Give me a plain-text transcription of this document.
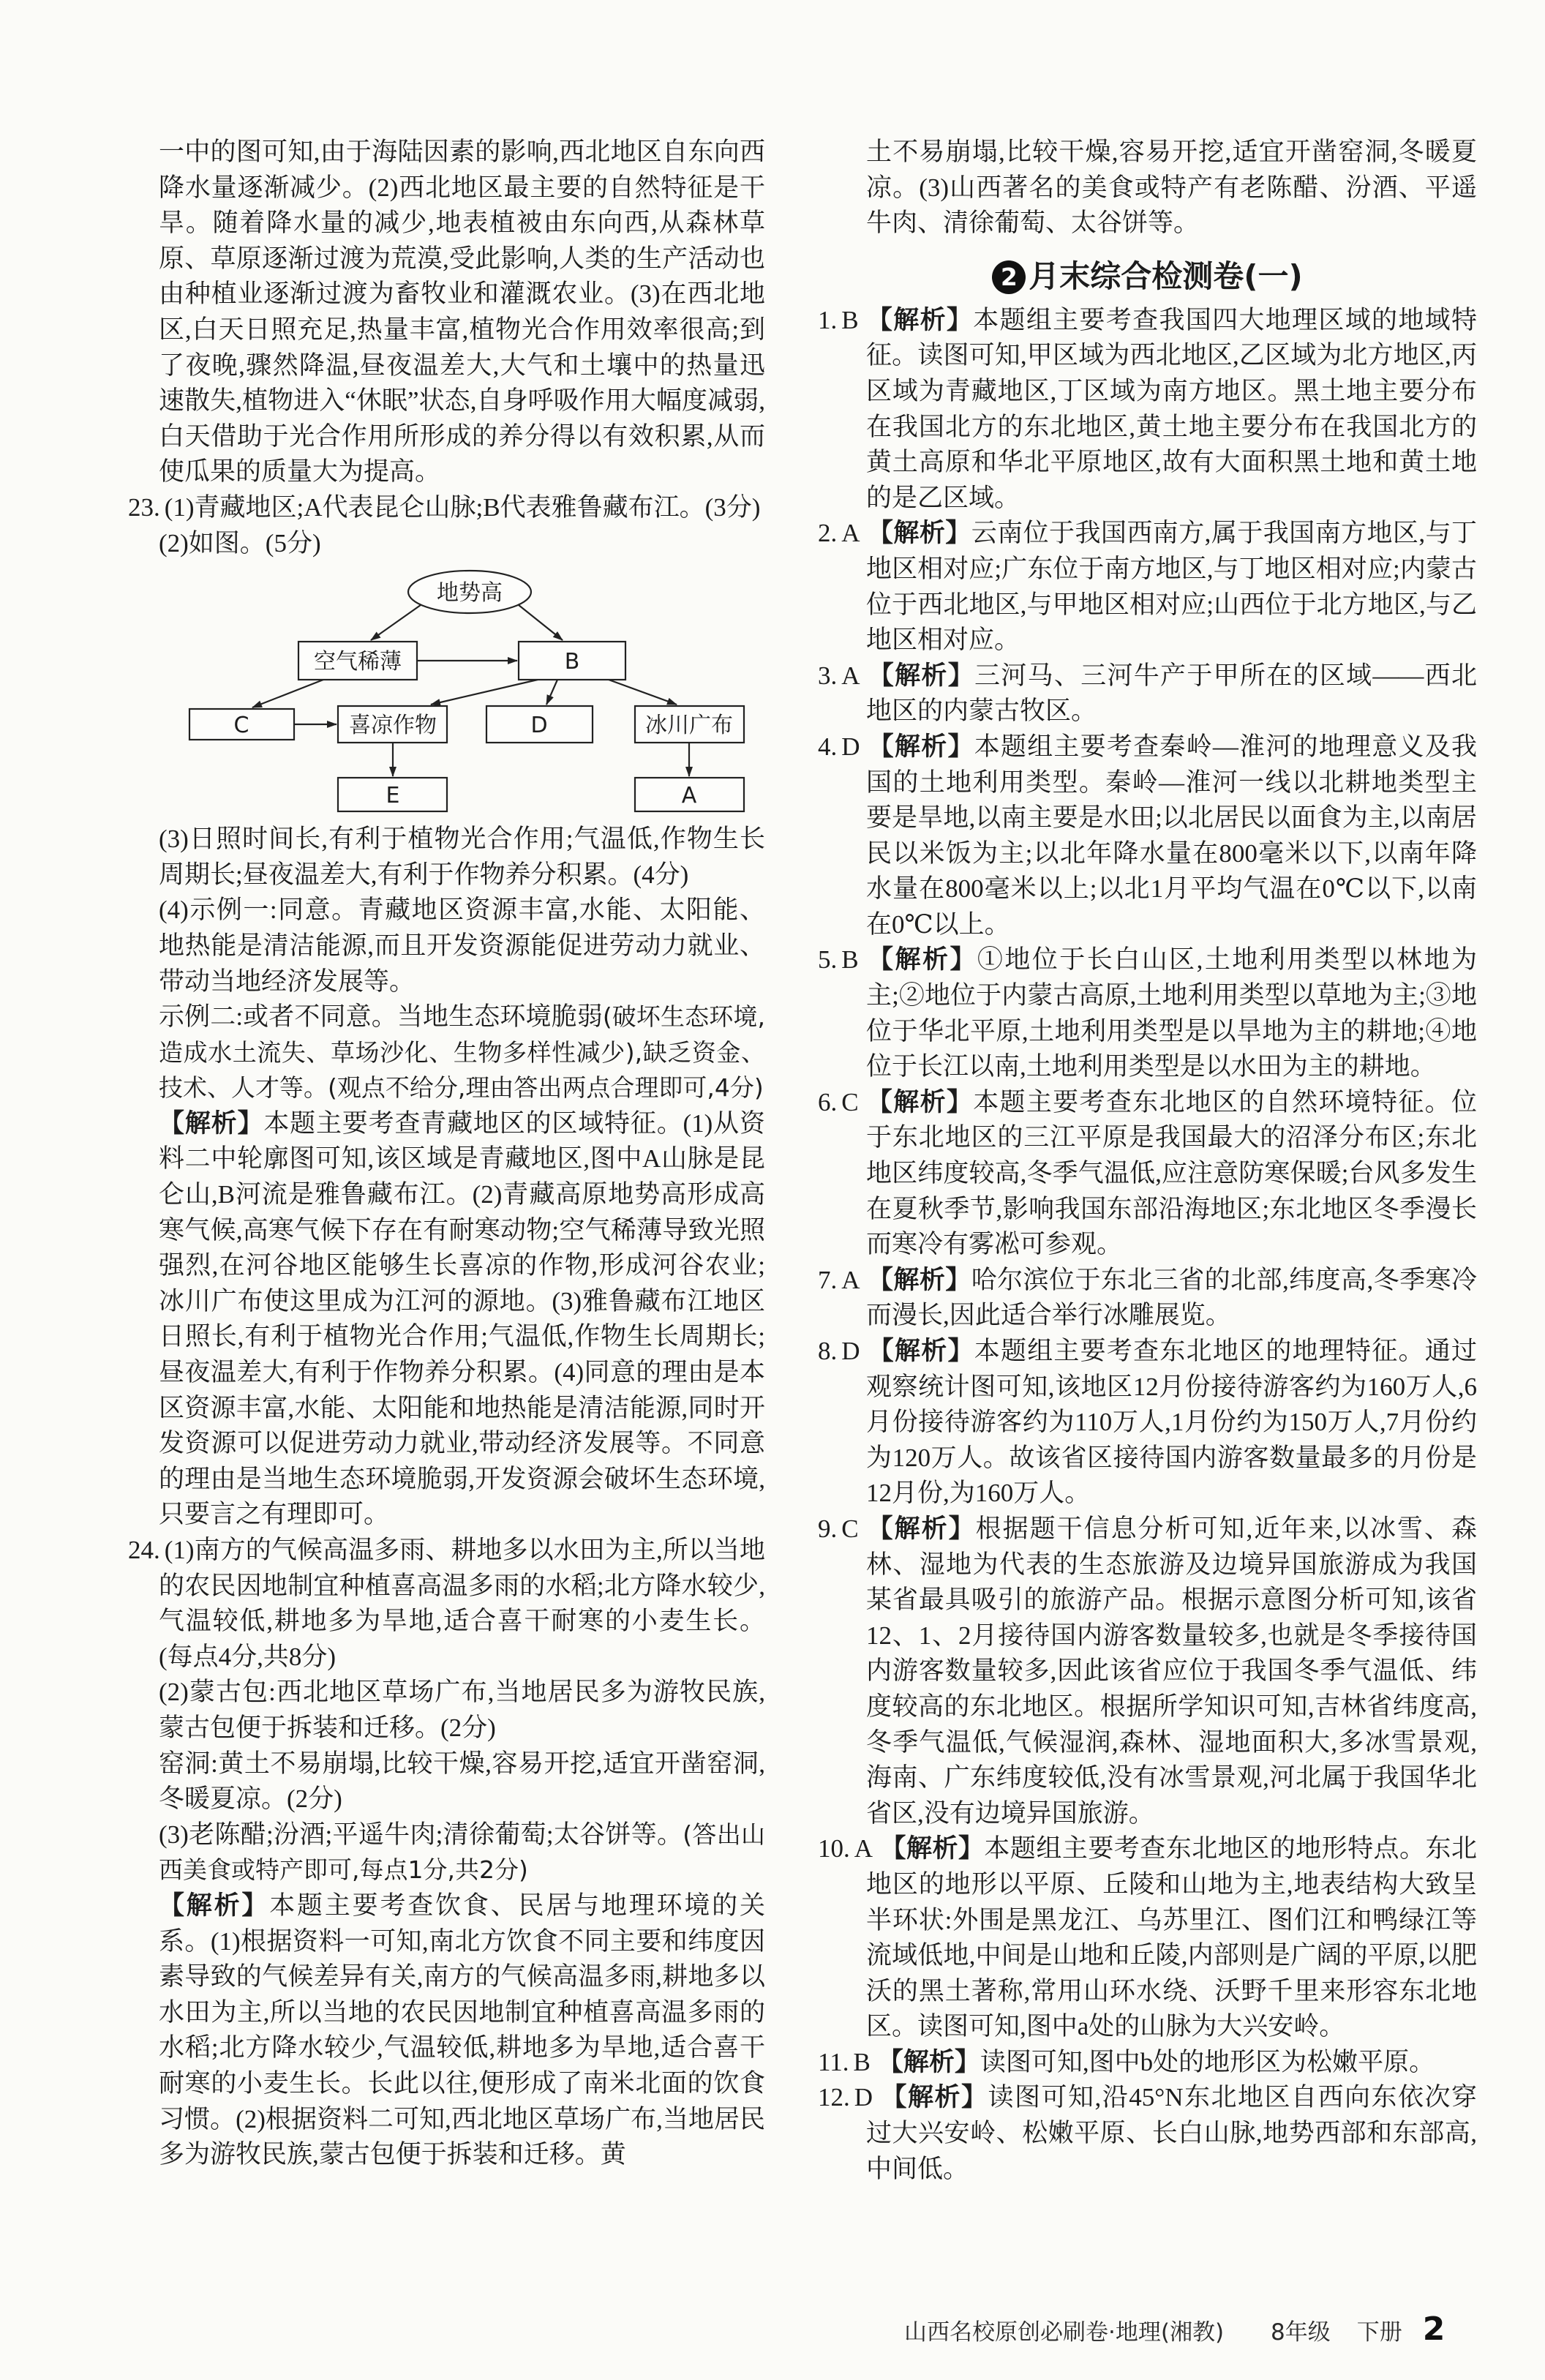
一中的图可知,由于海陆因素的影响,西北地区自东向西降水量逐渐减少。(2)西北地区最主要的自然特征是干旱。随着降水量的减少,地表植被由东向西,从森林草原、草原逐渐过渡为荒漠,受此影响,人类的生产活动也由种植业逐渐过渡为畜牧业和灌溉农业。(3)在西北地区,白天日照充足,热量丰富,植物光合作用效率很高;到了夜晚,骤然降温,昼夜温差大,大气和土壤中的热量迅速散失,植物进入“休眠”状态,自身呼吸作用大幅度减弱,白天借助于光合作用所形成的养分得以有效积累,从而使瓜果的质量大为提高。

23. (1)青藏地区;A代表昆仑山脉;B代表雅鲁藏布江。(3分)

(2)如图。(5分)

地势高
空气稀薄	B
C	喜凉作物	D	冰川广布
E	A

(3)日照时间长,有利于植物光合作用;气温低,作物生长周期长;昼夜温差大,有利于作物养分积累。(4分)

(4)示例一:同意。青藏地区资源丰富,水能、太阳能、地热能是清洁能源,而且开发资源能促进劳动力就业、带动当地经济发展等。

示例二:或者不同意。当地生态环境脆弱(破坏生态环境,造成水土流失、草场沙化、生物多样性减少),缺乏资金、技术、人才等。(观点不给分,理由答出两点合理即可,4分)

【解析】本题主要考查青藏地区的区域特征。(1)从资料二中轮廓图可知,该区域是青藏地区,图中A山脉是昆仑山,B河流是雅鲁藏布江。(2)青藏高原地势高形成高寒气候,高寒气候下存在有耐寒动物;空气稀薄导致光照强烈,在河谷地区能够生长喜凉的作物,形成河谷农业;冰川广布使这里成为江河的源地。(3)雅鲁藏布江地区日照长,有利于植物光合作用;气温低,作物生长周期长;昼夜温差大,有利于作物养分积累。(4)同意的理由是本区资源丰富,水能、太阳能和地热能是清洁能源,同时开发资源可以促进劳动力就业,带动经济发展等。不同意的理由是当地生态环境脆弱,开发资源会破坏生态环境,只要言之有理即可。

24. (1)南方的气候高温多雨、耕地多以水田为主,所以当地的农民因地制宜种植喜高温多雨的水稻;北方降水较少,气温较低,耕地多为旱地,适合喜干耐寒的小麦生长。(每点4分,共8分)

(2)蒙古包:西北地区草场广布,当地居民多为游牧民族,蒙古包便于拆装和迁移。(2分)

窑洞:黄土不易崩塌,比较干燥,容易开挖,适宜开凿窑洞,冬暖夏凉。(2分)

(3)老陈醋;汾酒;平遥牛肉;清徐葡萄;太谷饼等。(答出山西美食或特产即可,每点1分,共2分)

【解析】本题主要考查饮食、民居与地理环境的关系。(1)根据资料一可知,南北方饮食不同主要和纬度因素导致的气候差异有关,南方的气候高温多雨,耕地多以水田为主,所以当地的农民因地制宜种植喜高温多雨的水稻;北方降水较少,气温较低,耕地多为旱地,适合喜干耐寒的小麦生长。长此以往,便形成了南米北面的饮食习惯。(2)根据资料二可知,西北地区草场广布,当地居民多为游牧民族,蒙古包便于拆装和迁移。黄

土不易崩塌,比较干燥,容易开挖,适宜开凿窑洞,冬暖夏凉。(3)山西著名的美食或特产有老陈醋、汾酒、平遥牛肉、清徐葡萄、太谷饼等。

2 月末综合检测卷(一)

1. B 【解析】本题组主要考查我国四大地理区域的地域特征。读图可知,甲区域为西北地区,乙区域为北方地区,丙区域为青藏地区,丁区域为南方地区。黑土地主要分布在我国北方的东北地区,黄土地主要分布在我国北方的黄土高原和华北平原地区,故有大面积黑土地和黄土地的是乙区域。

2. A 【解析】云南位于我国西南方,属于我国南方地区,与丁地区相对应;广东位于南方地区,与丁地区相对应;内蒙古位于西北地区,与甲地区相对应;山西位于北方地区,与乙地区相对应。

3. A 【解析】三河马、三河牛产于甲所在的区域——西北地区的内蒙古牧区。

4. D 【解析】本题组主要考查秦岭—淮河的地理意义及我国的土地利用类型。秦岭—淮河一线以北耕地类型主要是旱地,以南主要是水田;以北居民以面食为主,以南居民以米饭为主;以北年降水量在800毫米以下,以南年降水量在800毫米以上;以北1月平均气温在0℃以下,以南在0℃以上。

5. B 【解析】①地位于长白山区,土地利用类型以林地为主;②地位于内蒙古高原,土地利用类型以草地为主;③地位于华北平原,土地利用类型是以旱地为主的耕地;④地位于长江以南,土地利用类型是以水田为主的耕地。

6. C 【解析】本题主要考查东北地区的自然环境特征。位于东北地区的三江平原是我国最大的沼泽分布区;东北地区纬度较高,冬季气温低,应注意防寒保暖;台风多发生在夏秋季节,影响我国东部沿海地区;东北地区冬季漫长而寒冷有雾凇可参观。

7. A 【解析】哈尔滨位于东北三省的北部,纬度高,冬季寒冷而漫长,因此适合举行冰雕展览。

8. D 【解析】本题组主要考查东北地区的地理特征。通过观察统计图可知,该地区12月份接待游客约为160万人,6月份接待游客约为110万人,1月份约为150万人,7月份约为120万人。故该省区接待国内游客数量最多的月份是12月份,为160万人。

9. C 【解析】根据题干信息分析可知,近年来,以冰雪、森林、湿地为代表的生态旅游及边境异国旅游成为我国某省最具吸引的旅游产品。根据示意图分析可知,该省12、1、2月接待国内游客数量较多,也就是冬季接待国内游客数量较多,因此该省应位于我国冬季气温低、纬度较高的东北地区。根据所学知识可知,吉林省纬度高,冬季气温低,气候湿润,森林、湿地面积大,多冰雪景观,海南、广东纬度较低,没有冰雪景观,河北属于我国华北省区,没有边境异国旅游。

10. A 【解析】本题组主要考查东北地区的地形特点。东北地区的地形以平原、丘陵和山地为主,地表结构大致呈半环状:外围是黑龙江、乌苏里江、图们江和鸭绿江等流域低地,中间是山地和丘陵,内部则是广阔的平原,以肥沃的黑土著称,常用山环水绕、沃野千里来形容东北地区。读图可知,图中a处的山脉为大兴安岭。

11. B 【解析】读图可知,图中b处的地形区为松嫩平原。

12. D 【解析】读图可知,沿45°N东北地区自西向东依次穿过大兴安岭、松嫩平原、长白山脉,地势西部和东部高,中间低。

山西名校原创必刷卷·地理(湘教) 8年级 下册 2
